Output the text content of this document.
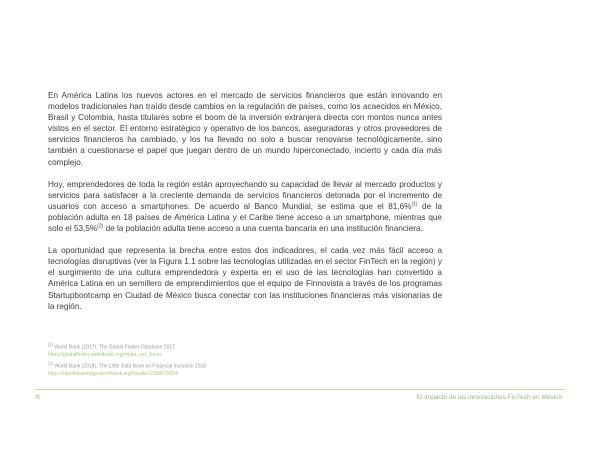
En América Latina los nuevos actores en el mercado de servicios financieros que están innovando en modelos tradicionales han traído desde cambios en la regulación de países, como los acaecidos en México, Brasil y Colombia, hasta titulares sobre el boom de la inversión extranjera directa con montos nunca antes vistos en el sector. El entorno estratégico y operativo de los bancos, aseguradoras y otros proveedores de servicios financieros ha cambiado, y los ha llevado no solo a buscar renovarse tecnológicamente, sino también a cuestionarse el papel que juegan dentro de un mundo hiperconectado, incierto y cada día más complejo.

Hoy, emprendedores de toda la región están aprovechando su capacidad de llevar al mercado productos y servicios para satisfacer a la creciente demanda de servicios financieros detonada por el incremento de usuarios con acceso a smartphones. De acuerdo al Banco Mundial, se estima que el 81,6%$^{(1)}$ de la población adulta en 18 países de América Latina y el Caribe tiene acceso a un smartphone, mientras que solo el 53,5%$^{(2)}$ de la población adulta tiene acceso a una cuenta bancaria en una institución financiera.

La oportunidad que representa la brecha entre estos dos indicadores, el cada vez más fácil acceso a tecnologías disruptivas (ver la Figura 1.1 sobre las tecnologías utilizadas en el sector FinTech en la región) y el surgimiento de una cultura emprendedora y experta en el uso de las tecnologías han convertido a América Latina en un semillero de emprendimientos que el equipo de Finnovista a través de los programas Startupbootcamp en Ciudad de México busca conectar con las instituciones financieras más visionarias de la región.

$^{(1)}$ World Bank (2017). The Global Findex Database 2017
https://globalfindex.worldbank.org/#data_sec_focus
$^{(2)}$ World Bank (2018). The Little Data Book on Financial Inclusion 2018
https://openknowledge.worldbank.org/handle/10986/29654
8	El impacto de las innovaciones FinTech en México
